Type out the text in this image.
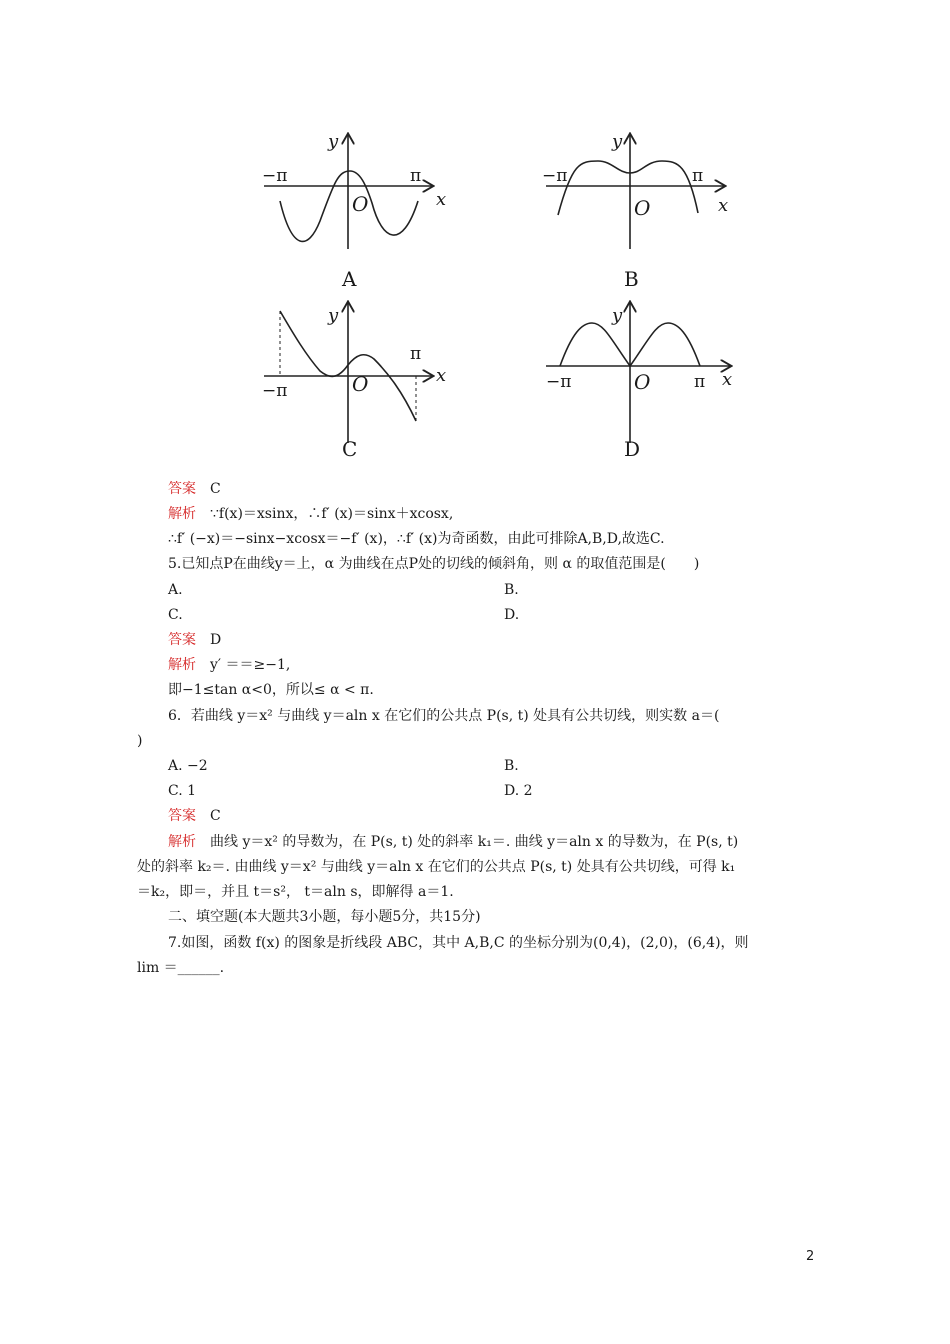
−π	π
O	x
y
A
−π	π
O	x
y
B
−π
π
O	x
y
C
−π	π
O	x
y
D
答案 C
解析 ∵f(x)＝xsinx，∴f′ (x)＝sinx＋xcosx,
∴f′ (−x)＝−sinx−xcosx＝−f′ (x)，∴f′ (x)为奇函数，由此可排除A,B,D,故选C.
5.已知点P在曲线y＝上，α 为曲线在点P处的切线的倾斜角，则 α 的取值范围是(　　)
A.	B.
C.	D.
答案 D
解析 y′ ＝＝≥−1,
即−1≤tan α<0，所以≤ α < π.
6．若曲线 y＝x² 与曲线 y＝aln x 在它们的公共点 P(s, t) 处具有公共切线，则实数 a＝(
)
A. −2	B.
C. 1	D. 2
答案 C
解析 曲线 y＝x² 的导数为，在 P(s, t) 处的斜率 k₁＝. 曲线 y＝aln x 的导数为，在 P(s, t)
处的斜率 k₂＝. 由曲线 y＝x² 与曲线 y＝aln x 在它们的公共点 P(s, t) 处具有公共切线，可得 k₁
＝k₂，即＝，并且 t＝s²， t＝aln s，即解得 a＝1.
二、填空题(本大题共3小题，每小题5分，共15分)
7.如图，函数 f(x) 的图象是折线段 ABC，其中 A,B,C 的坐标分别为(0,4)，(2,0)，(6,4)，则
lim ＝______.
2
